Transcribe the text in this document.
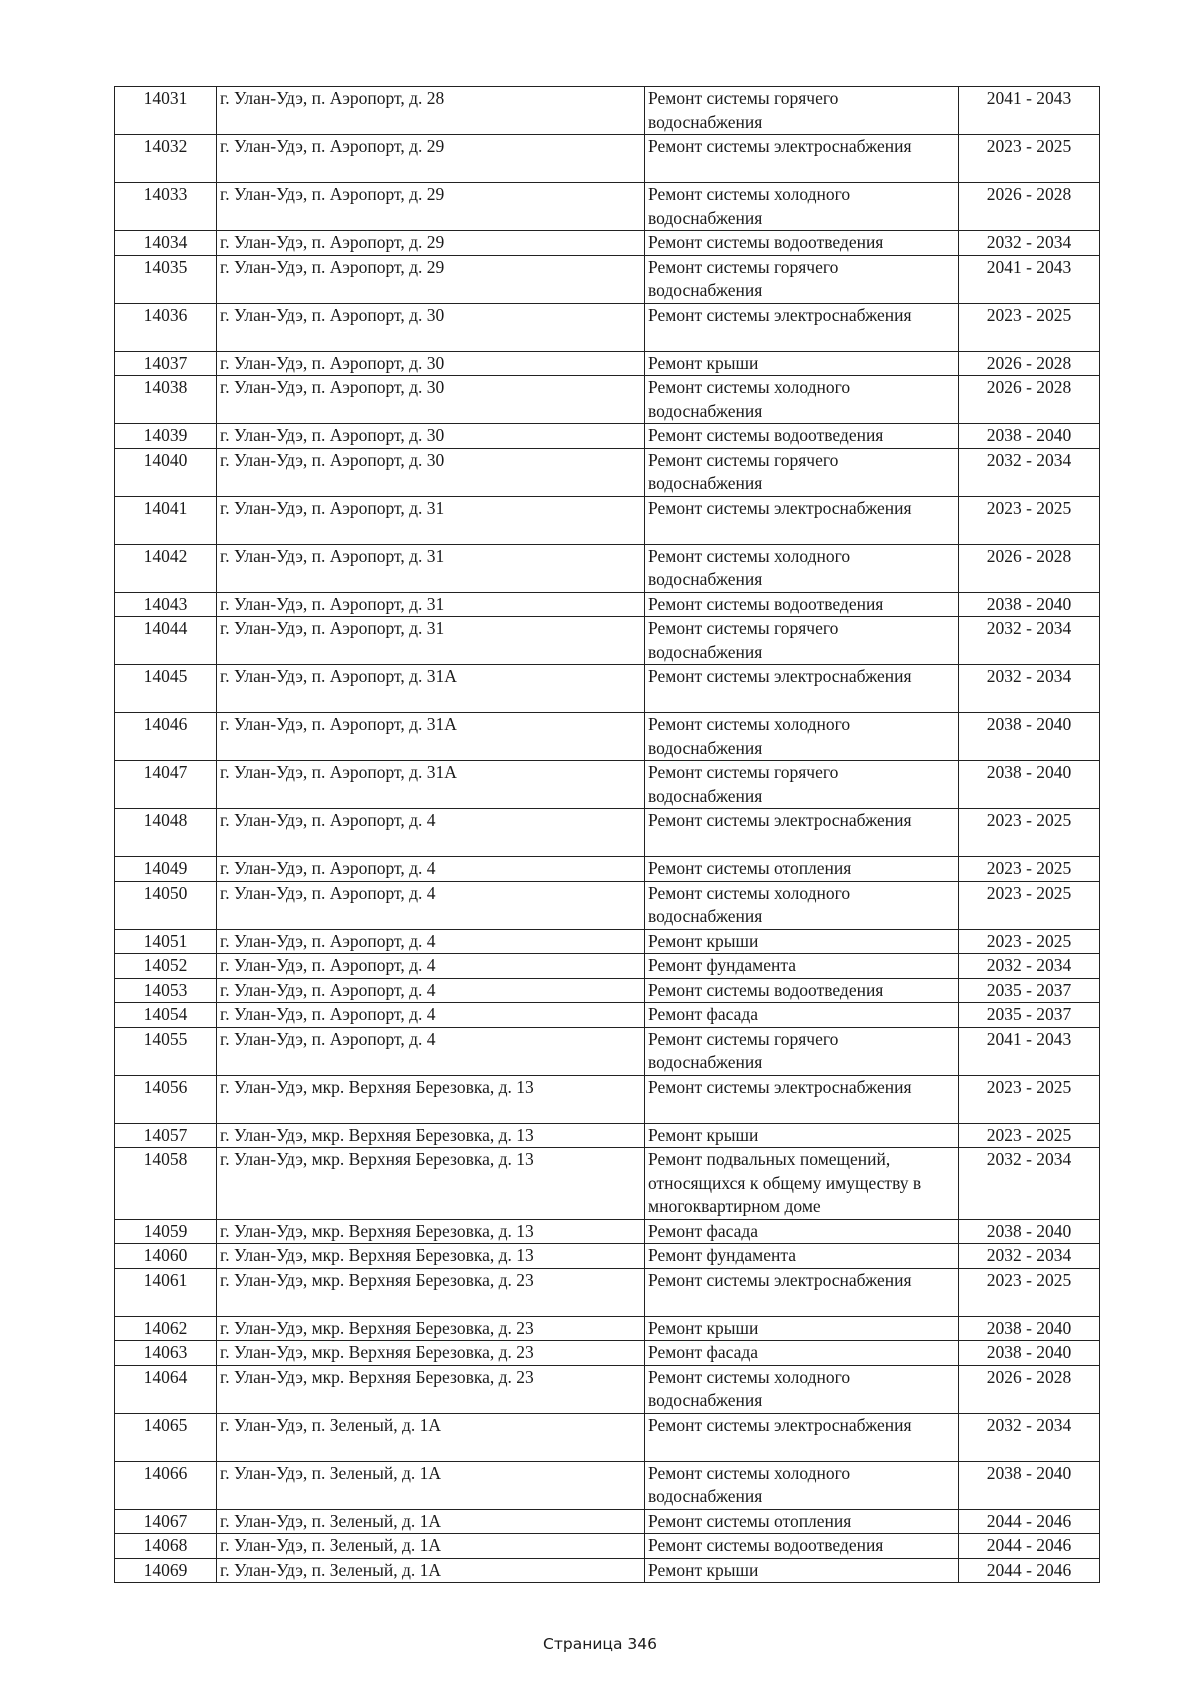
14031	г. Улан-Удэ, п. Аэропорт, д. 28	Ремонт системы горячего водоснабжения	2041 - 2043
14032	г. Улан-Удэ, п. Аэропорт, д. 29	Ремонт системы электроснабжения	2023 - 2025
14033	г. Улан-Удэ, п. Аэропорт, д. 29	Ремонт системы холодного водоснабжения	2026 - 2028
14034	г. Улан-Удэ, п. Аэропорт, д. 29	Ремонт системы водоотведения	2032 - 2034
14035	г. Улан-Удэ, п. Аэропорт, д. 29	Ремонт системы горячего водоснабжения	2041 - 2043
14036	г. Улан-Удэ, п. Аэропорт, д. 30	Ремонт системы электроснабжения	2023 - 2025
14037	г. Улан-Удэ, п. Аэропорт, д. 30	Ремонт крыши	2026 - 2028
14038	г. Улан-Удэ, п. Аэропорт, д. 30	Ремонт системы холодного водоснабжения	2026 - 2028
14039	г. Улан-Удэ, п. Аэропорт, д. 30	Ремонт системы водоотведения	2038 - 2040
14040	г. Улан-Удэ, п. Аэропорт, д. 30	Ремонт системы горячего водоснабжения	2032 - 2034
14041	г. Улан-Удэ, п. Аэропорт, д. 31	Ремонт системы электроснабжения	2023 - 2025
14042	г. Улан-Удэ, п. Аэропорт, д. 31	Ремонт системы холодного водоснабжения	2026 - 2028
14043	г. Улан-Удэ, п. Аэропорт, д. 31	Ремонт системы водоотведения	2038 - 2040
14044	г. Улан-Удэ, п. Аэропорт, д. 31	Ремонт системы горячего водоснабжения	2032 - 2034
14045	г. Улан-Удэ, п. Аэропорт, д. 31А	Ремонт системы электроснабжения	2032 - 2034
14046	г. Улан-Удэ, п. Аэропорт, д. 31А	Ремонт системы холодного водоснабжения	2038 - 2040
14047	г. Улан-Удэ, п. Аэропорт, д. 31А	Ремонт системы горячего водоснабжения	2038 - 2040
14048	г. Улан-Удэ, п. Аэропорт, д. 4	Ремонт системы электроснабжения	2023 - 2025
14049	г. Улан-Удэ, п. Аэропорт, д. 4	Ремонт системы отопления	2023 - 2025
14050	г. Улан-Удэ, п. Аэропорт, д. 4	Ремонт системы холодного водоснабжения	2023 - 2025
14051	г. Улан-Удэ, п. Аэропорт, д. 4	Ремонт крыши	2023 - 2025
14052	г. Улан-Удэ, п. Аэропорт, д. 4	Ремонт фундамента	2032 - 2034
14053	г. Улан-Удэ, п. Аэропорт, д. 4	Ремонт системы водоотведения	2035 - 2037
14054	г. Улан-Удэ, п. Аэропорт, д. 4	Ремонт фасада	2035 - 2037
14055	г. Улан-Удэ, п. Аэропорт, д. 4	Ремонт системы горячего водоснабжения	2041 - 2043
14056	г. Улан-Удэ, мкр. Верхняя Березовка, д. 13	Ремонт системы электроснабжения	2023 - 2025
14057	г. Улан-Удэ, мкр. Верхняя Березовка, д. 13	Ремонт крыши	2023 - 2025
14058	г. Улан-Удэ, мкр. Верхняя Березовка, д. 13	Ремонт подвальных помещений, относящихся к общему имуществу в многоквартирном доме	2032 - 2034
14059	г. Улан-Удэ, мкр. Верхняя Березовка, д. 13	Ремонт фасада	2038 - 2040
14060	г. Улан-Удэ, мкр. Верхняя Березовка, д. 13	Ремонт фундамента	2032 - 2034
14061	г. Улан-Удэ, мкр. Верхняя Березовка, д. 23	Ремонт системы электроснабжения	2023 - 2025
14062	г. Улан-Удэ, мкр. Верхняя Березовка, д. 23	Ремонт крыши	2038 - 2040
14063	г. Улан-Удэ, мкр. Верхняя Березовка, д. 23	Ремонт фасада	2038 - 2040
14064	г. Улан-Удэ, мкр. Верхняя Березовка, д. 23	Ремонт системы холодного водоснабжения	2026 - 2028
14065	г. Улан-Удэ, п. Зеленый, д. 1А	Ремонт системы электроснабжения	2032 - 2034
14066	г. Улан-Удэ, п. Зеленый, д. 1А	Ремонт системы холодного водоснабжения	2038 - 2040
14067	г. Улан-Удэ, п. Зеленый, д. 1А	Ремонт системы отопления	2044 - 2046
14068	г. Улан-Удэ, п. Зеленый, д. 1А	Ремонт системы водоотведения	2044 - 2046
14069	г. Улан-Удэ, п. Зеленый, д. 1А	Ремонт крыши	2044 - 2046
Страница 346
